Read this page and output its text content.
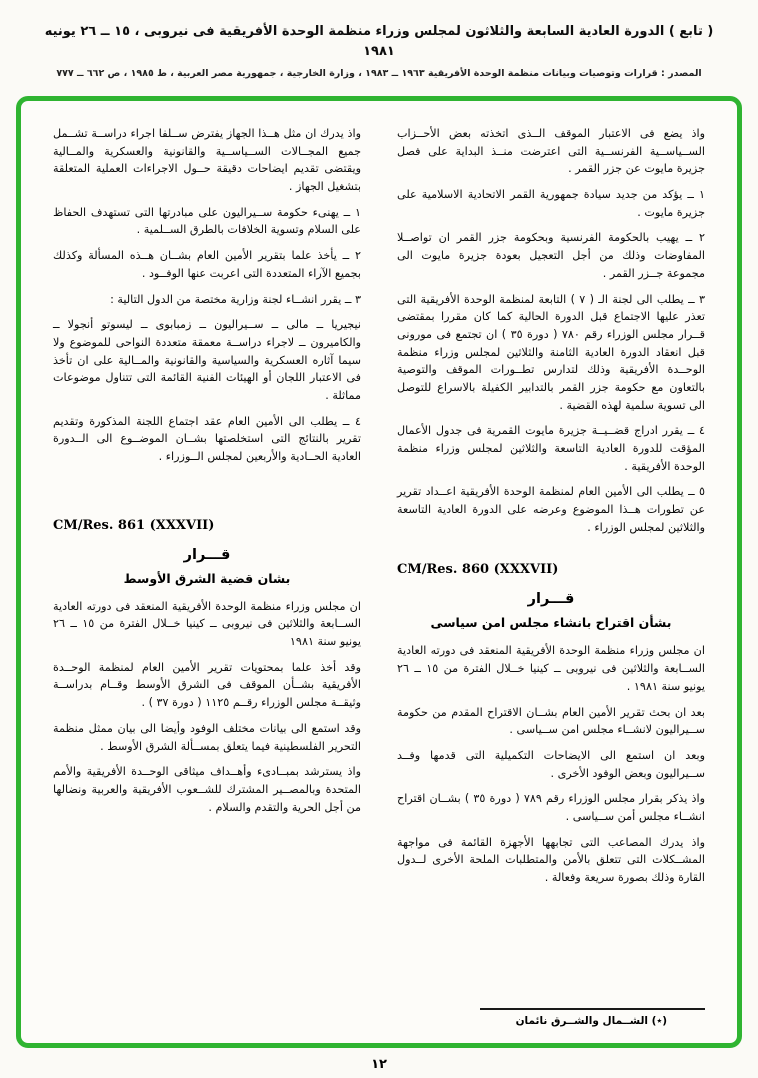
( تابع ) الدورة العادية السابعة والثلاثون لمجلس وزراء منظمة الوحدة الأفريقية فى نيروبى ، ١٥ ــ ٢٦ يونيه ١٩٨١
المصدر : قرارات وتوصيات وبيانات منظمة الوحدة الأفريقية ١٩٦٣ ــ ١٩٨٣ ، وزارة الخارجية ، جمهورية مصر العربية ، ط ١٩٨٥ ، ص ٦٦٢ ــ ٧٧٧

واذ يضع فى الاعتبار الموقف الــذى اتخذته بعض الأحــزاب الســياســية الفرنســية التى اعترضت منــذ البداية على فصل جزيرة مايوت عن جزر القمر .

١ ــ يؤكد من جديد سيادة جمهورية القمر الاتحادية الاسلامية على جزيرة مايوت .

٢ ــ يهيب بالحكومة الفرنسية وبحكومة جزر القمر ان تواصــلا المفاوضات وذلك من أجل التعجيل بعودة جزيرة مايوت الى مجموعة جــزر القمر .

٣ ــ يطلب الى لجنة الـ ( ٧ ) التابعة لمنظمة الوحدة الأفريقية التى تعذر عليها الاجتماع قبل الدورة الحالية كما كان مقررا بمقتضى قــرار مجلس الوزراء رقم ٧٨٠ ( دورة ٣٥ ) ان تجتمع فى مورونى قبل انعقاد الدورة العادية الثامنة والثلاثين لمجلس وزراء منظمة الوحــدة الأفريقية وذلك لتدارس تطــورات الموقف والتوصية بالتعاون مع حكومة جزر القمر بالتدابير الكفيلة بالاسراع للتوصل الى تسوية سلمية لهذه القضية .

٤ ــ يقرر ادراج قضــيــة جزيرة مايوت القمرية فى جدول الأعمال المؤقت للدورة العادية التاسعة والثلاثين لمجلس وزراء منظمة الوحدة الأفريقية .

٥ ــ يطلب الى الأمين العام لمنظمة الوحدة الأفريقية اعــداد تقرير عن تطورات هــذا الموضوع وعرضه على الدورة العادية التاسعة والثلاثين لمجلس الوزراء .

CM/Res. 860 (XXXVII)
قـــرار
بشأن اقتراح بانشاء مجلس امن سياسى

ان مجلس وزراء منظمة الوحدة الأفريقية المنعقد فى دورته العادية الســابعة والثلاثين فى نيروبى ــ كينيا خــلال الفترة من ١٥ ــ ٢٦ يونيو سنة ١٩٨١ .

بعد ان بحث تقرير الأمين العام بشــان الاقتراح المقدم من حكومة ســيراليون لانشــاء مجلس امن ســياسى .

وبعد ان استمع الى الايضاحات التكميلية التى قدمها وفــد ســيراليون وبعض الوفود الأخرى .

واذ يذكر بقرار مجلس الوزراء رقم ٧٨٩ ( دورة ٣٥ ) بشــان اقتراح انشــاء مجلس أمن ســياسى .

واذ يدرك المصاعب التى تجابهها الأجهزة القائمة فى مواجهة المشــكلات التى تتعلق بالأمن والمتطلبات الملحة الأخرى لــدول القارة وذلك بصورة سريعة وفعالة .

(٭) الشــمال والشــرق نائمان

واذ يدرك ان مثل هــذا الجهاز يفترض ســلفا اجراء دراســة تشــمل جميع المجــالات الســياســية والقانونية والعسكرية والمــالية ويقتضى تقديم ايضاحات دقيقة حــول الاجراءات العملية المتعلقة بتشغيل الجهاز .

١ ــ يهنىء حكومة ســيراليون على مبادرتها التى تستهدف الحفاظ على السلام وتسوية الخلافات بالطرق الســلمية .

٢ ــ يأخذ علما بتقرير الأمين العام بشــان هــذه المسألة وكذلك بجميع الآراء المتعددة التى اعربت عنها الوفــود .

٣ ــ يقرر انشــاء لجنة وزارية مختصة من الدول التالية :

نيجيريا ــ مالى ــ ســيراليون ــ زمبابوى ــ ليسوتو أنجولا ــ والكاميرون ــ لاجراء دراســة معمقة متعددة النواحى للموضوع ولا سيما آثاره العسكرية والسياسية والقانونية والمــالية على ان تأخذ فى الاعتبار اللجان أو الهيئات الفنية القائمة التى تتناول موضوعات مماثلة .

٤ ــ يطلب الى الأمين العام عقد اجتماع اللجنة المذكورة وتقديم تقرير بالنتائج التى استخلصتها بشــان الموضــوع الى الــدورة العادية الحــادية والأربعين لمجلس الــوزراء .

CM/Res. 861 (XXXVII)
قـــرار
بشان قضية الشرق الأوسط

ان مجلس وزراء منظمة الوحدة الأفريقية المنعقد فى دورته العادية الســابعة والثلاثين فى نيروبى ــ كينيا خــلال الفترة من ١٥ ــ ٢٦ يونيو سنة ١٩٨١

وقد أخذ علما بمحتويات تقرير الأمين العام لمنظمة الوحــدة الأفريقية بشــأن الموقف فى الشرق الأوسط وقــام بدراســة وثيقــة مجلس الوزراء رقــم ١١٢٥ ( دورة ٣٧ ) .

وقد استمع الى بيانات مختلف الوفود وأيضا الى بيان ممثل منظمة التحرير الفلسطينية فيما يتعلق بمســألة الشرق الأوسط .

واذ يسترشد بمبــادىء وأهــداف ميثاقى الوحــدة الأفريقية والأمم المتحدة وبالمصــير المشترك للشــعوب الأفريقية والعربية ونضالها من أجل الحرية والتقدم والسلام .

١٢
